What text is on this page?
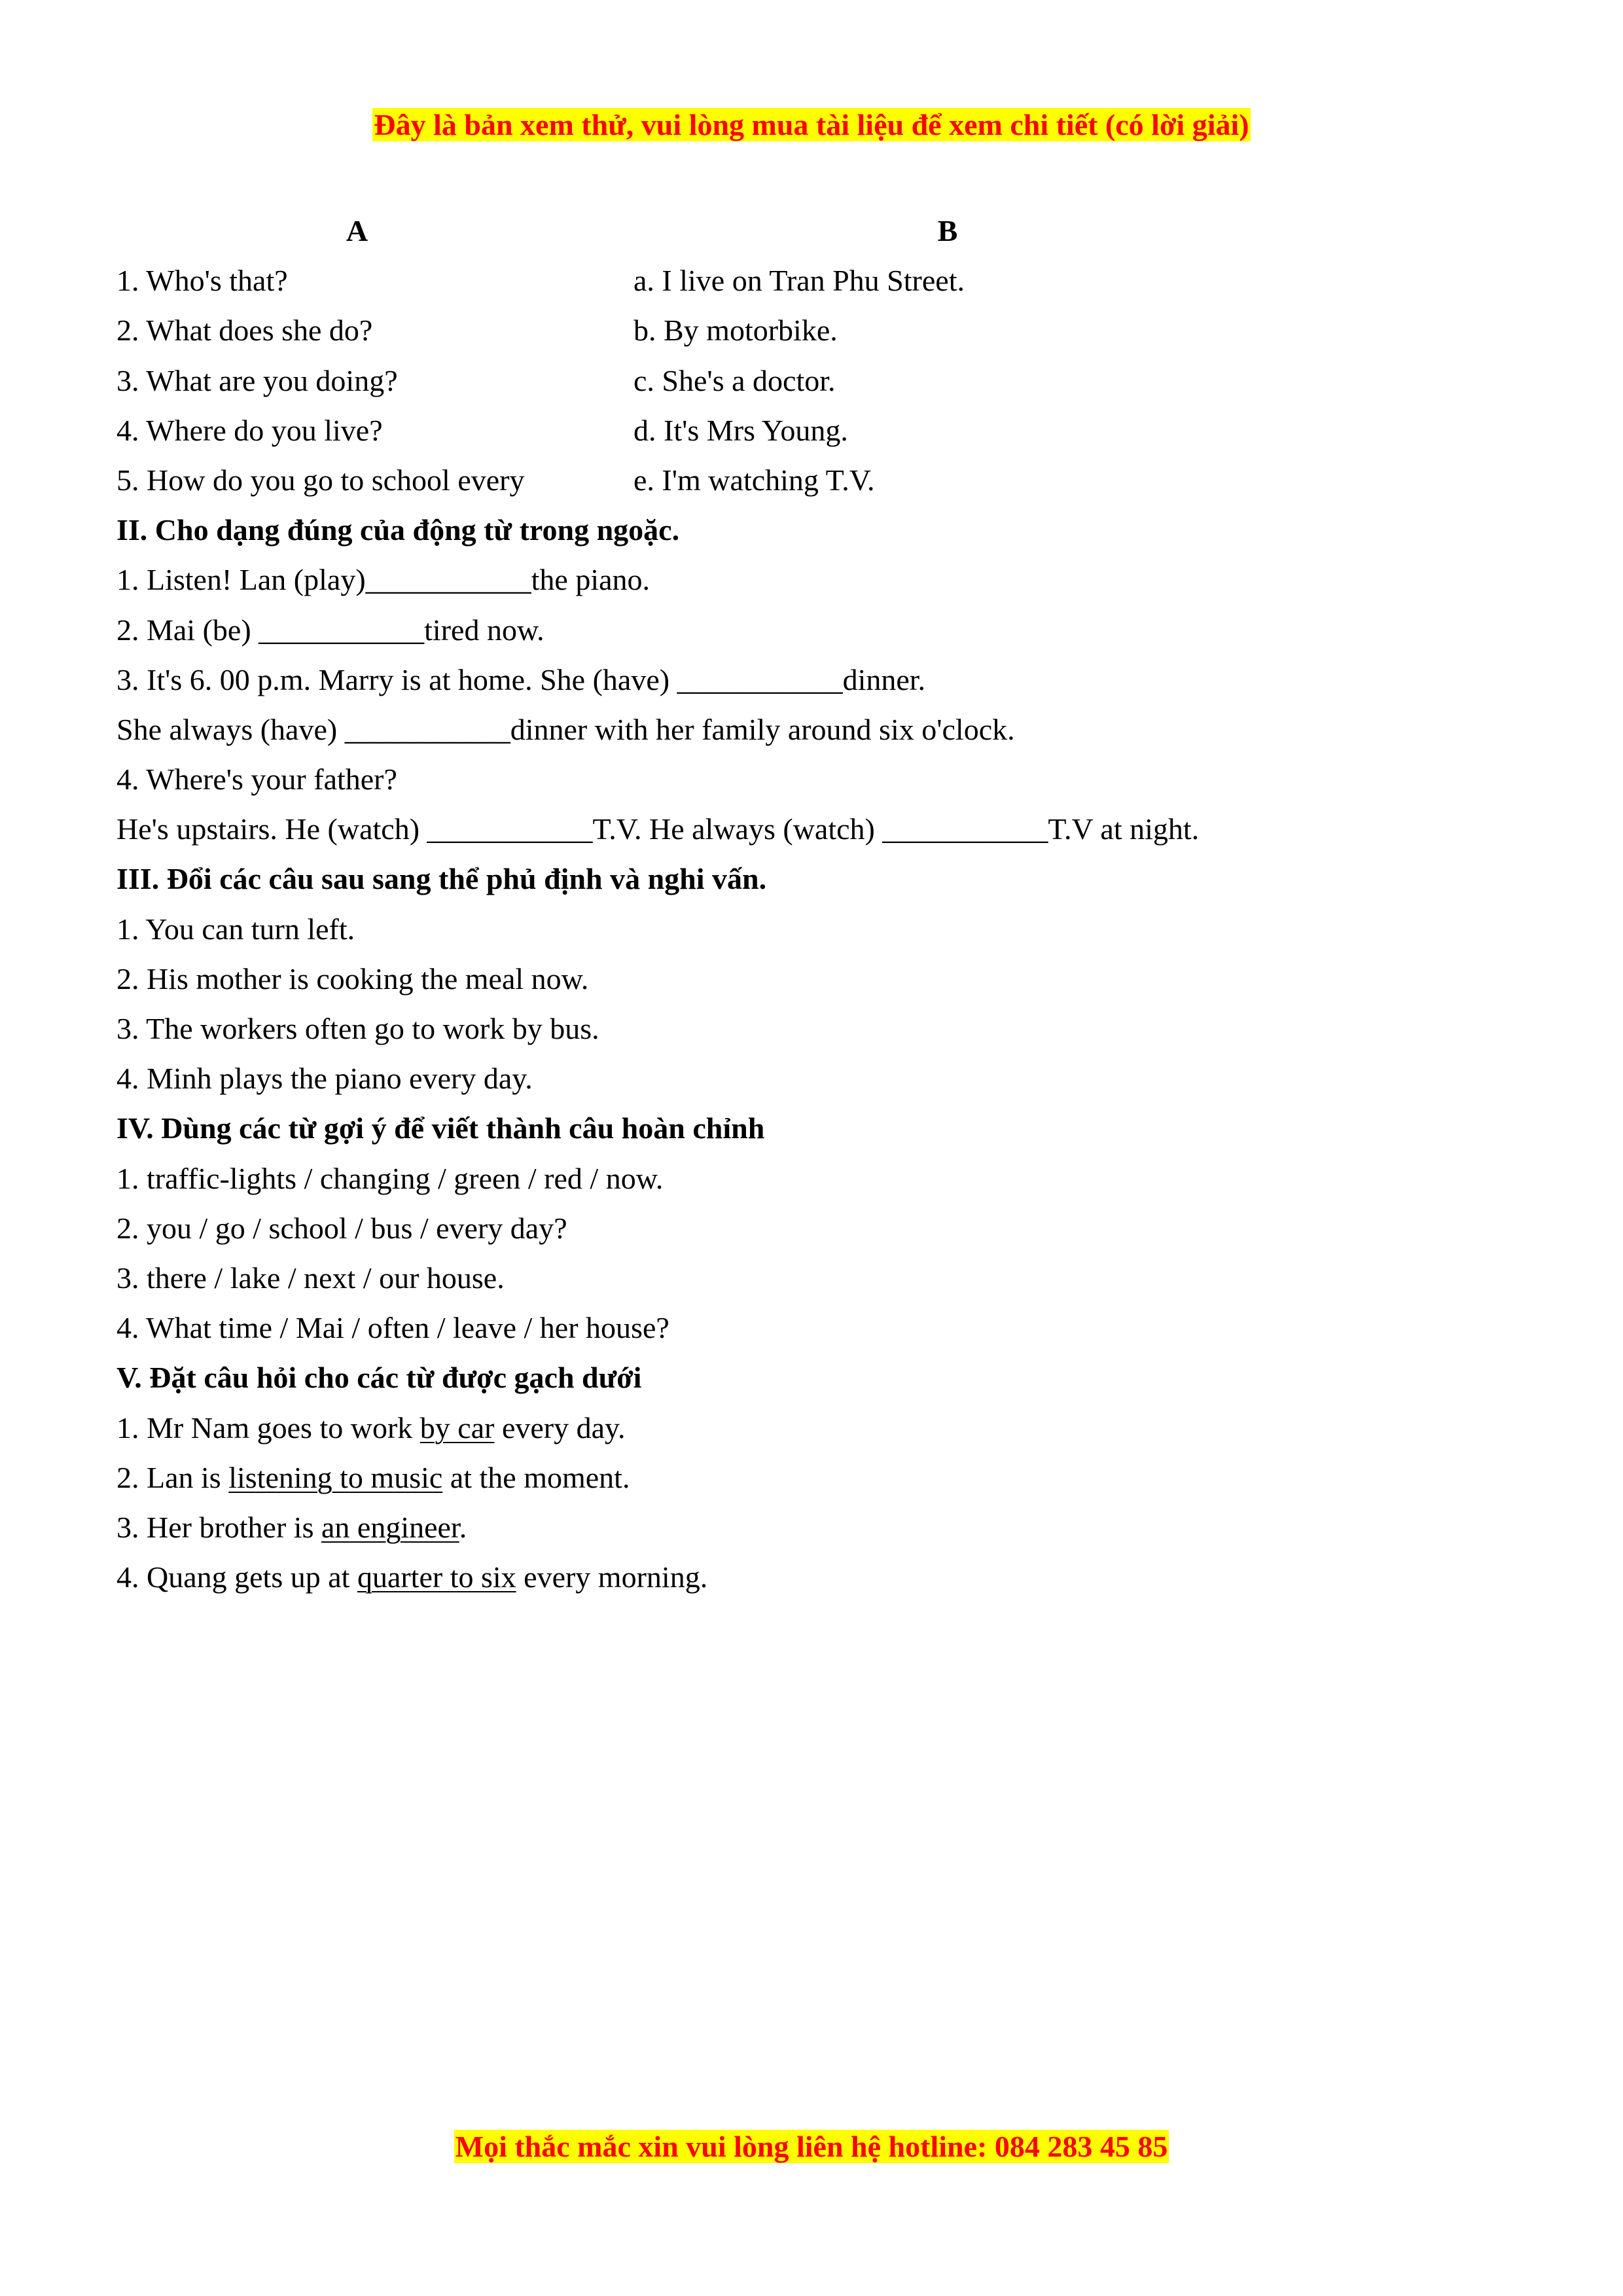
Đây là bản xem thử, vui lòng mua tài liệu để xem chi tiết (có lời giải)
A	B
1. Who's that?	a. I live on Tran Phu Street.
2. What does she do?	b. By motorbike.
3. What are you doing?	c. She's a doctor.
4. Where do you live?	d. It's Mrs Young.
5. How do you go to school every	e. I'm watching T.V.
II. Cho dạng đúng của động từ trong ngoặc.
1. Listen! Lan (play)___________the piano.
2. Mai (be) ___________tired now.
3. It's 6. 00 p.m. Marry is at home. She (have) ___________dinner.
She always (have) ___________dinner with her family around six o'clock.
4. Where's your father?
He's upstairs. He (watch) ___________T.V. He always (watch) ___________T.V at night.
III. Đổi các câu sau sang thể phủ định và nghi vấn.
1. You can turn left.
2. His mother is cooking the meal now.
3. The workers often go to work by bus.
4. Minh plays the piano every day.
IV. Dùng các từ gợi ý để viết thành câu hoàn chỉnh
1. traffic-lights / changing / green / red / now.
2. you / go / school / bus / every day?
3. there / lake / next / our house.
4. What time / Mai / often / leave / her house?
V. Đặt câu hỏi cho các từ được gạch dưới
1. Mr Nam goes to work by car every day.
2. Lan is listening to music at the moment.
3. Her brother is an engineer.
4. Quang gets up at quarter to six every morning.
Mọi thắc mắc xin vui lòng liên hệ hotline: 084 283 45 85
